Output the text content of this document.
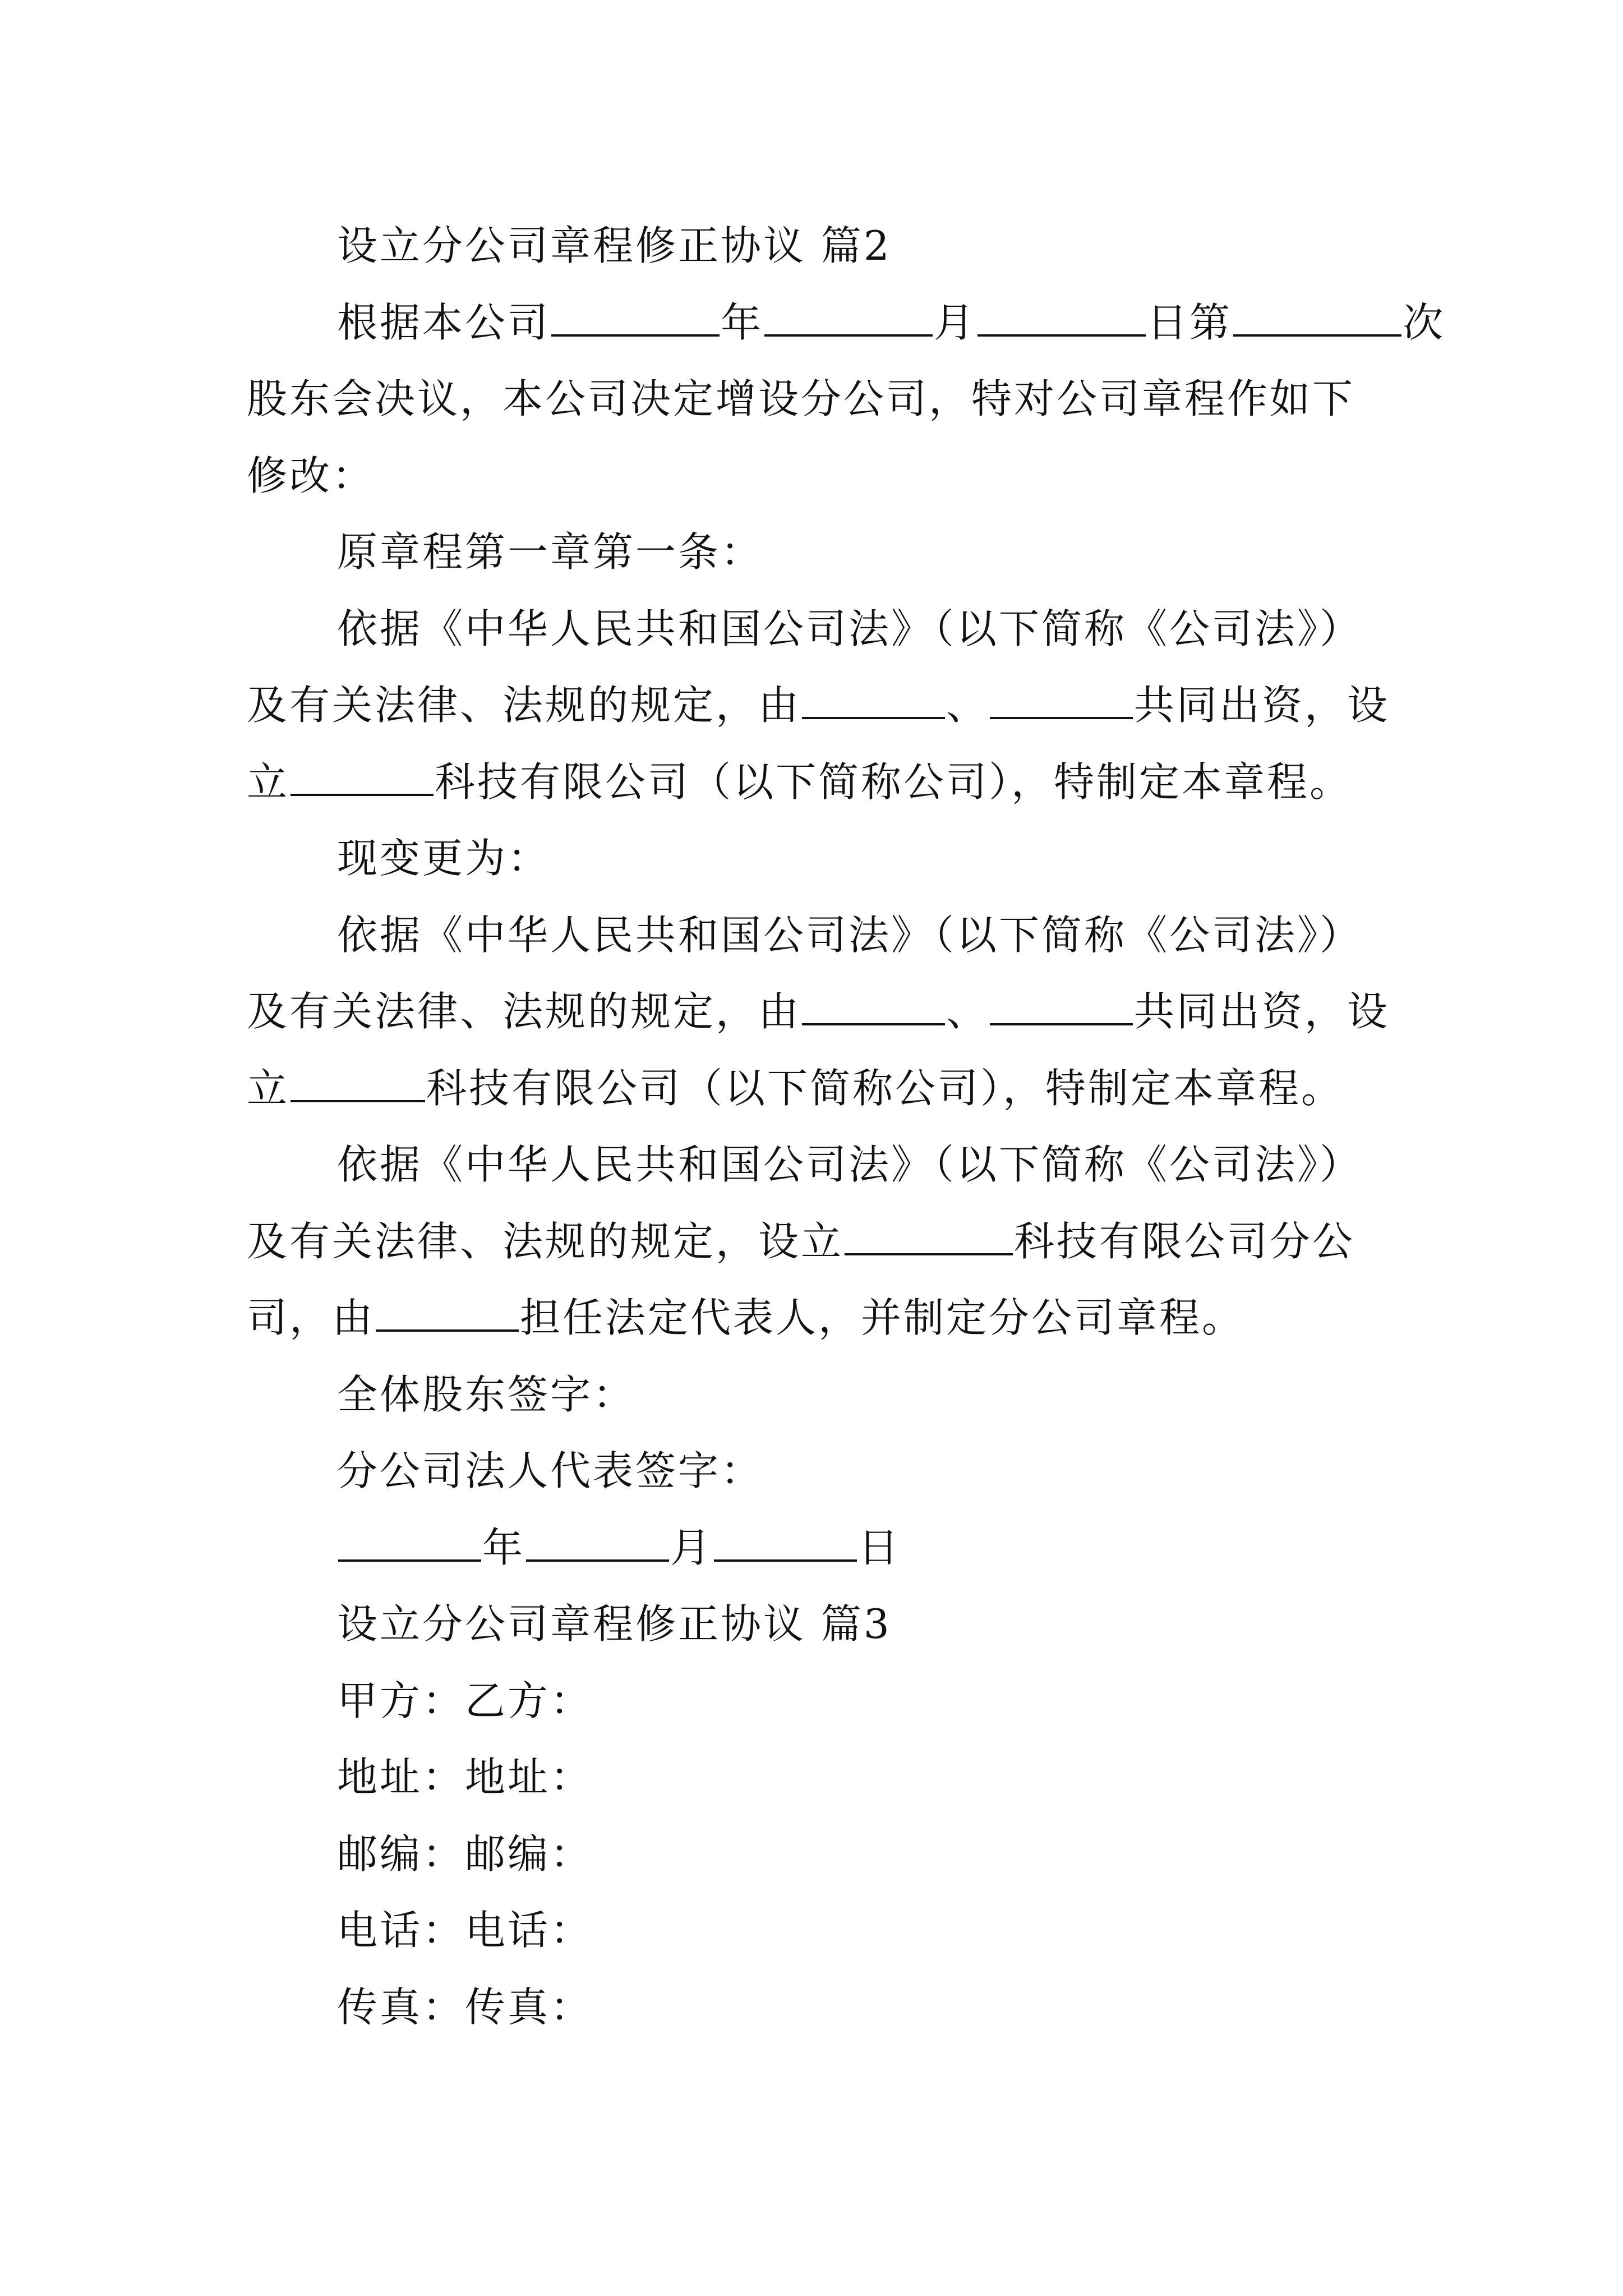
设立分公司章程修正协议 篇2
根据本公司	年	月	日第	次
股东会决议，本公司决定增设分公司，特对公司章程作如下
修改：
原章程第一章第一条：
依据《中华人民共和国公司法》（以下简称《公司法》）
及有关法律、法规的规定，由	、	共同出资，设
立	科技有限公司（以下简称公司），特制定本章程。
现变更为：
依据《中华人民共和国公司法》（以下简称《公司法》）
及有关法律、法规的规定，由	、	共同出资，设
立	科技有限公司（以下简称公司），特制定本章程。
依据《中华人民共和国公司法》（以下简称《公司法》）
及有关法律、法规的规定，设立	科技有限公司分公
司，由	担任法定代表人，并制定分公司章程。
全体股东签字：
分公司法人代表签字：
年	月	日
设立分公司章程修正协议 篇3
甲方：乙方：
地址：地址：
邮编：邮编：
电话：电话：
传真：传真：
